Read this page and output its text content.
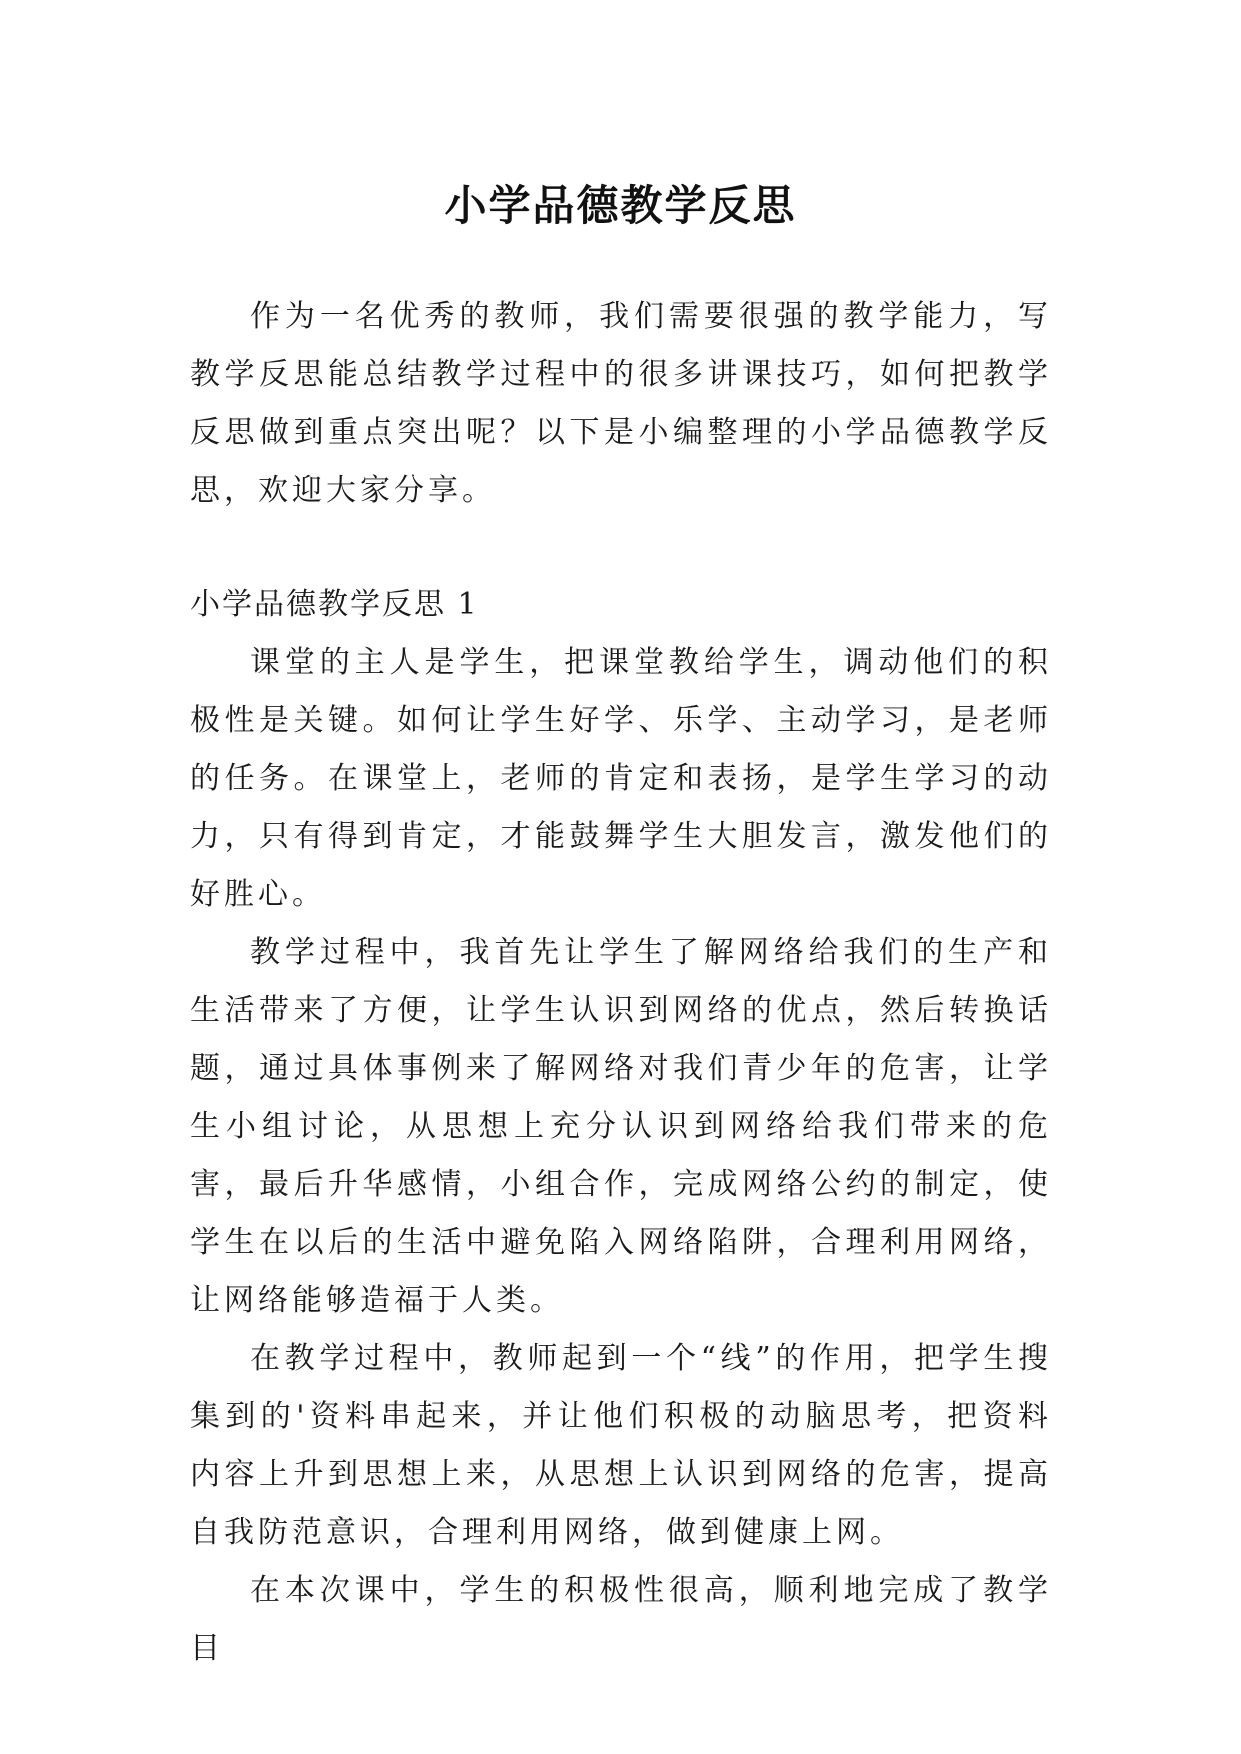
小学品德教学反思

作为一名优秀的教师，我们需要很强的教学能力，写教学反思能总结教学过程中的很多讲课技巧，如何把教学反思做到重点突出呢？以下是小编整理的小学品德教学反思，欢迎大家分享。

小学品德教学反思 1

课堂的主人是学生，把课堂教给学生，调动他们的积极性是关键。如何让学生好学、乐学、主动学习，是老师的任务。在课堂上，老师的肯定和表扬，是学生学习的动力，只有得到肯定，才能鼓舞学生大胆发言，激发他们的好胜心。

教学过程中，我首先让学生了解网络给我们的生产和生活带来了方便，让学生认识到网络的优点，然后转换话题，通过具体事例来了解网络对我们青少年的危害，让学生小组讨论，从思想上充分认识到网络给我们带来的危害，最后升华感情，小组合作，完成网络公约的制定，使学生在以后的生活中避免陷入网络陷阱，合理利用网络，让网络能够造福于人类。

在教学过程中，教师起到一个“线”的作用，把学生搜集到的'资料串起来，并让他们积极的动脑思考，把资料内容上升到思想上来，从思想上认识到网络的危害，提高自我防范意识，合理利用网络，做到健康上网。

在本次课中，学生的积极性很高，顺利地完成了教学目
